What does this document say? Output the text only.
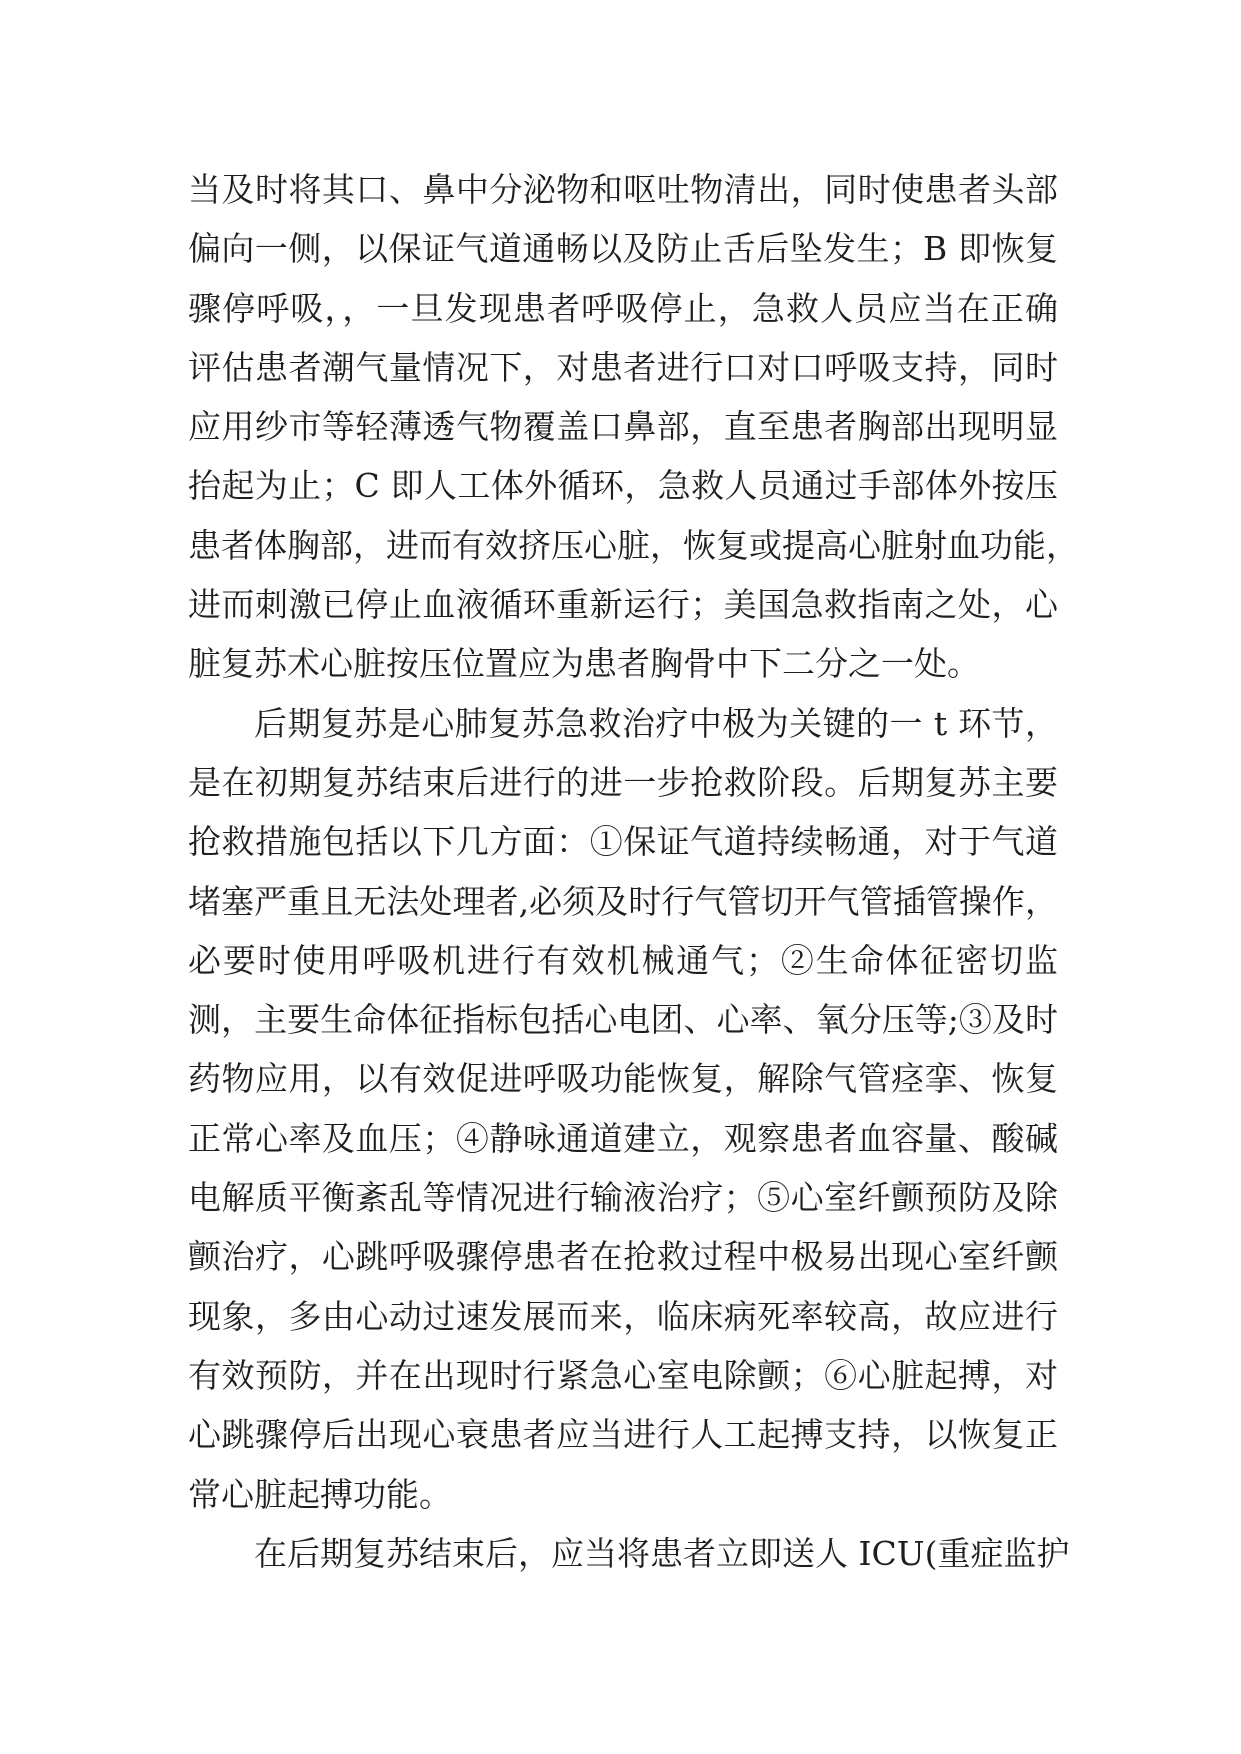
当及时将其口、鼻中分泌物和呕吐物清出，同时使患者头部
偏向一侧，以保证气道通畅以及防止舌后坠发生；B 即恢复
骤停呼吸，，一旦发现患者呼吸停止，急救人员应当在正确
评估患者潮气量情况下，对患者进行口对口呼吸支持，同时
应用纱市等轻薄透气物覆盖口鼻部，直至患者胸部出现明显
抬起为止；C 即人工体外循环，急救人员通过手部体外按压
患者体胸部，进而有效挤压心脏，恢复或提高心脏射血功能，
进而刺激已停止血液循环重新运行；美国急救指南之处，心
脏复苏术心脏按压位置应为患者胸骨中下二分之一处。
后期复苏是心肺复苏急救治疗中极为关键的一 t 环节，
是在初期复苏结束后进行的进一步抢救阶段。后期复苏主要
抢救措施包括以下几方面：①保证气道持续畅通，对于气道
堵塞严重且无法处理者,必须及时行气管切开气管插管操作，
必要时使用呼吸机进行有效机械通气；②生命体征密切监
测，主要生命体征指标包括心电团、心率、氧分压等;③及时
药物应用，以有效促进呼吸功能恢复，解除气管痉挛、恢复
正常心率及血压；④静咏通道建立，观察患者血容量、酸碱
电解质平衡紊乱等情况进行输液治疗；⑤心室纤颤预防及除
颤治疗，心跳呼吸骤停患者在抢救过程中极易出现心室纤颤
现象，多由心动过速发展而来，临床病死率较高，故应进行
有效预防，并在出现时行紧急心室电除颤；⑥心脏起搏，对
心跳骤停后出现心衰患者应当进行人工起搏支持，以恢复正
常心脏起搏功能。
在后期复苏结束后，应当将患者立即送人 ICU(重症监护
